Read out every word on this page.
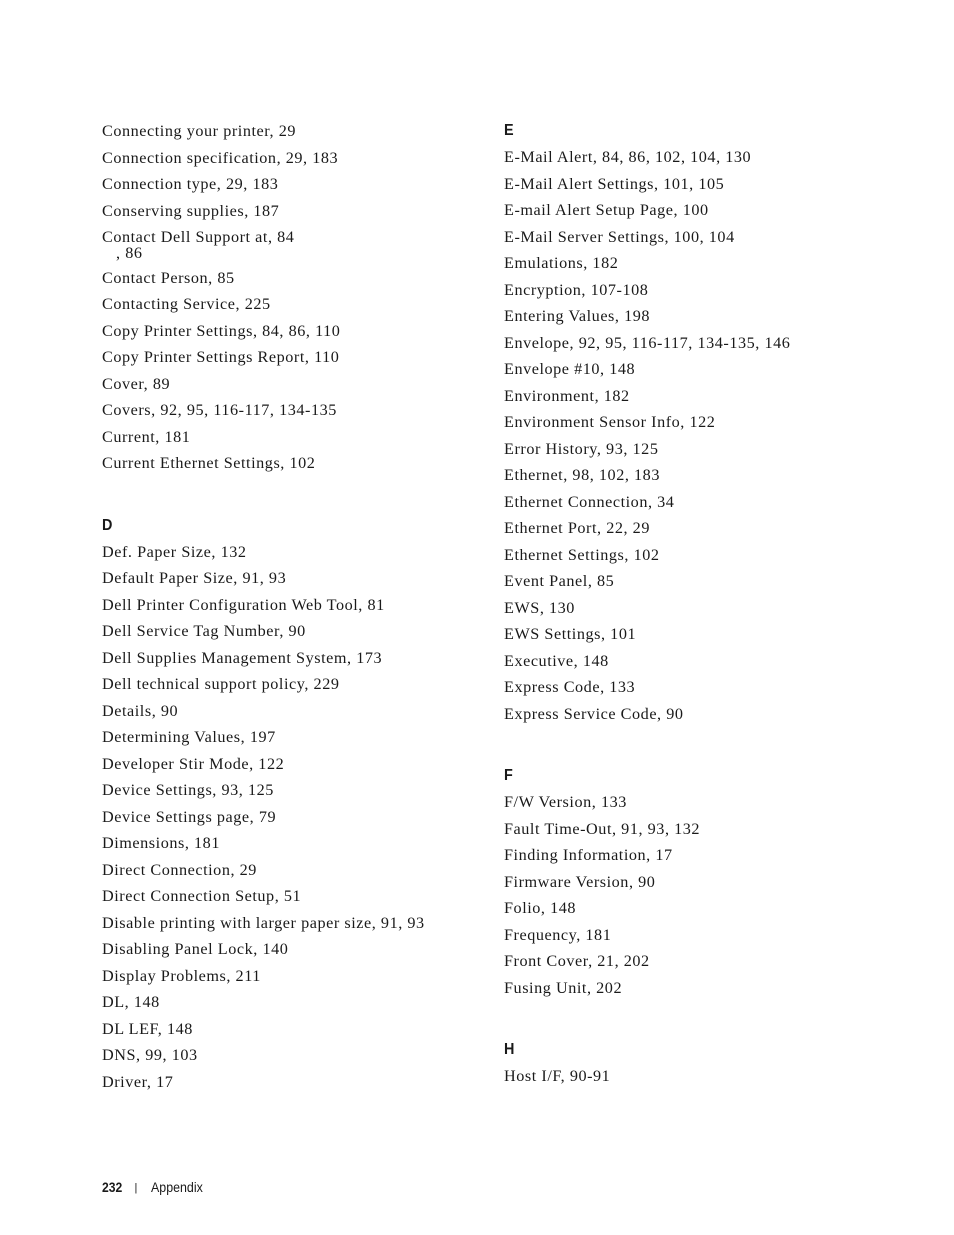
Connecting your printer, 29
Connection specification, 29, 183
Connection type, 29, 183
Conserving supplies, 187
Contact Dell Support at, 84
, 86
Contact Person, 85
Contacting Service, 225
Copy Printer Settings, 84, 86, 110
Copy Printer Settings Report, 110
Cover, 89
Covers, 92, 95, 116-117, 134-135
Current, 181
Current Ethernet Settings, 102
D
Def. Paper Size, 132
Default Paper Size, 91, 93
Dell Printer Configuration Web Tool, 81
Dell Service Tag Number, 90
Dell Supplies Management System, 173
Dell technical support policy, 229
Details, 90
Determining Values, 197
Developer Stir Mode, 122
Device Settings, 93, 125
Device Settings page, 79
Dimensions, 181
Direct Connection, 29
Direct Connection Setup, 51
Disable printing with larger paper size, 91, 93
Disabling Panel Lock, 140
Display Problems, 211
DL, 148
DL LEF, 148
DNS, 99, 103
Driver, 17
E
E-Mail Alert, 84, 86, 102, 104, 130
E-Mail Alert Settings, 101, 105
E-mail Alert Setup Page, 100
E-Mail Server Settings, 100, 104
Emulations, 182
Encryption, 107-108
Entering Values, 198
Envelope, 92, 95, 116-117, 134-135, 146
Envelope #10, 148
Environment, 182
Environment Sensor Info, 122
Error History, 93, 125
Ethernet, 98, 102, 183
Ethernet Connection, 34
Ethernet Port, 22, 29
Ethernet Settings, 102
Event Panel, 85
EWS, 130
EWS Settings, 101
Executive, 148
Express Code, 133
Express Service Code, 90
F
F/W Version, 133
Fault Time-Out, 91, 93, 132
Finding Information, 17
Firmware Version, 90
Folio, 148
Frequency, 181
Front Cover, 21, 202
Fusing Unit, 202
H
Host I/F, 90-91
232 | Appendix
